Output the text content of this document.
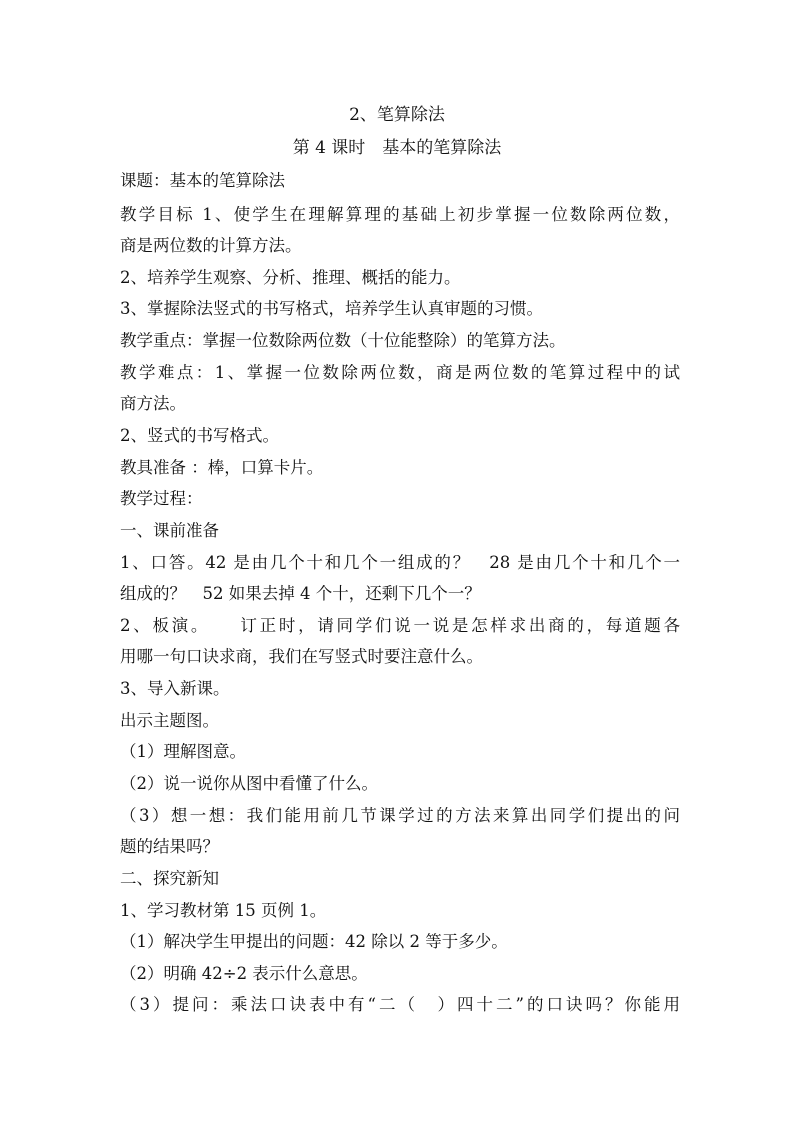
2、笔算除法
第 4 课时　基本的笔算除法
课题：基本的笔算除法
教学目标 1、使学生在理解算理的基础上初步掌握一位数除两位数，
商是两位数的计算方法。
2、培养学生观察、分析、推理、概括的能力。
3、掌握除法竖式的书写格式，培养学生认真审题的习惯。
教学重点：掌握一位数除两位数（十位能整除）的笔算方法。
教学难点：1、掌握一位数除两位数，商是两位数的笔算过程中的试
商方法。
2、竖式的书写格式。
教具准备 ：棒，口算卡片。
教学过程：
一、课前准备
1、口答。42 是由几个十和几个一组成的？　28 是由几个十和几个一
组成的？　52 如果去掉 4 个十，还剩下几个一？
2、板演。　　订正时，请同学们说一说是怎样求出商的，每道题各
用哪一句口诀求商，我们在写竖式时要注意什么。
3、导入新课。
出示主题图。
（1）理解图意。
（2）说一说你从图中看懂了什么。
（3）想一想：我们能用前几节课学过的方法来算出同学们提出的问
题的结果吗？
二、探究新知
1、学习教材第 15 页例 1。
（1）解决学生甲提出的问题：42 除以 2 等于多少。
（2）明确 42÷2 表示什么意思。
（3）提问：乘法口诀表中有“二（　）四十二”的口诀吗？你能用
